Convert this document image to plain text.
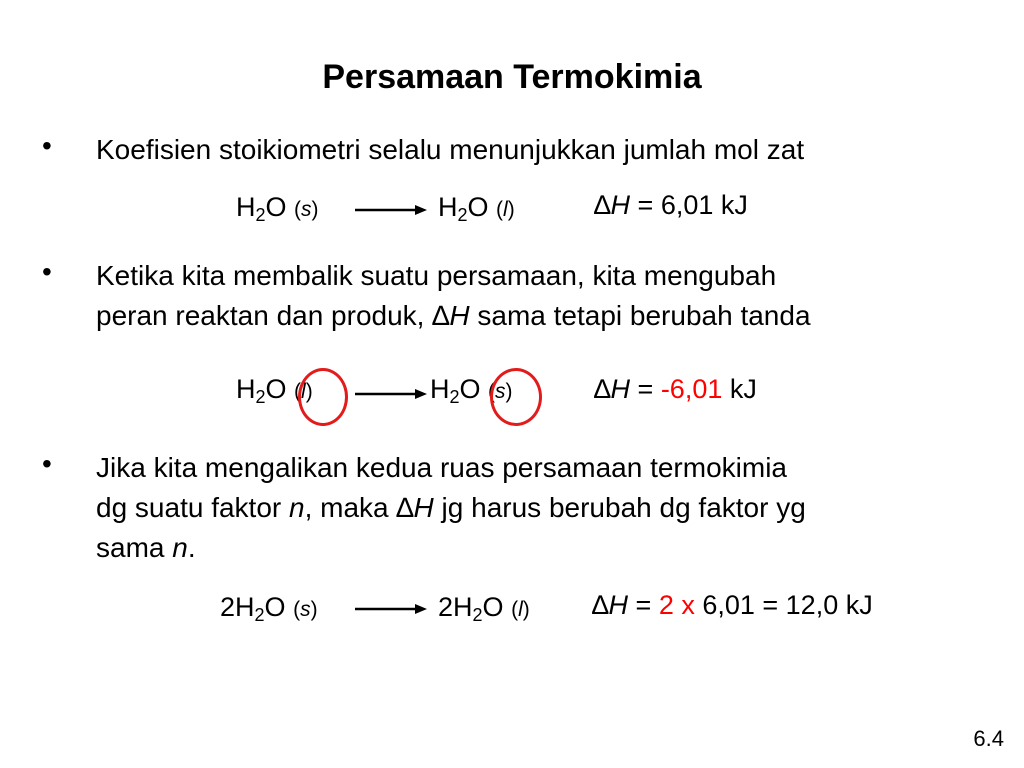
Persamaan Termokimia
• Koefisien stoikiometri selalu menunjukkan jumlah mol zat
$H_2O$ (s)	$H_2O$ (l)	∆H = 6,01 kJ
• Ketika kita membalik suatu persamaan, kita mengubah
peran reaktan dan produk, ∆H sama tetapi berubah tanda
$H_2O$ (l)	$H_2O$ (s)	∆H = -6,01 kJ
• Jika kita mengalikan kedua ruas persamaan termokimia
dg suatu faktor n, maka ∆H jg harus berubah dg faktor yg
sama n.
$2H_2O$ (s)	$2H_2O$ (l) ∆H = 2 x 6,01 = 12,0 kJ
6.4
